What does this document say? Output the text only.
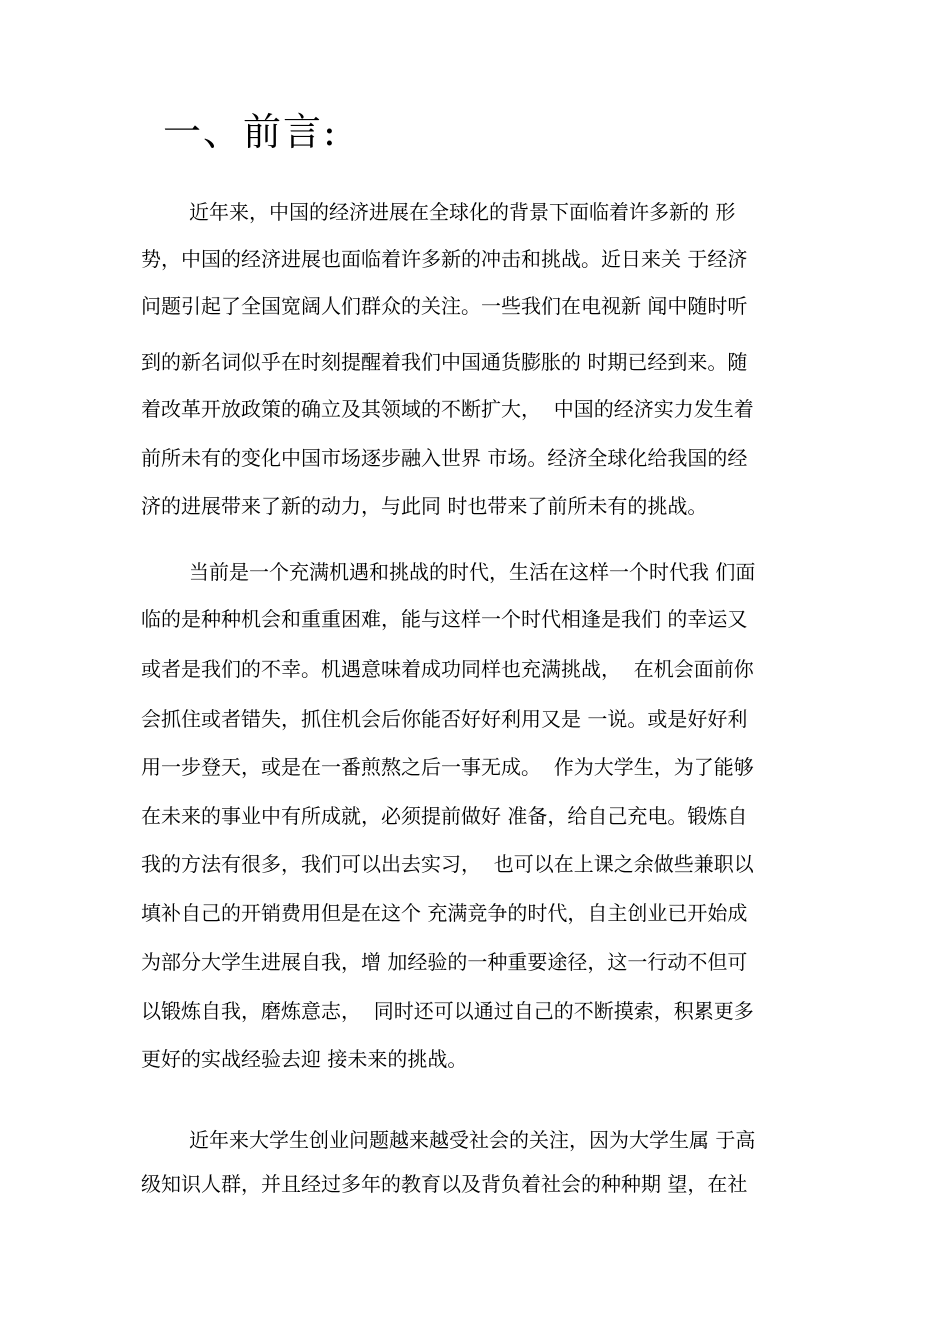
一、前言:
近年来，中国的经济进展在全球化的背景下面临着许多新的 形
势，中国的经济进展也面临着许多新的冲击和挑战。近日来关 于经济
问题引起了全国宽阔人们群众的关注。一些我们在电视新 闻中随时听
到的新名词似乎在时刻提醒着我们中国通货膨胀的 时期已经到来。随
着改革开放政策的确立及其领域的不断扩大，  中国的经济实力发生着
前所未有的变化中国市场逐步融入世界 市场。经济全球化给我国的经
济的进展带来了新的动力，与此同 时也带来了前所未有的挑战。
当前是一个充满机遇和挑战的时代，生活在这样一个时代我 们面
临的是种种机会和重重困难，能与这样一个时代相逢是我们 的幸运又
或者是我们的不幸。机遇意味着成功同样也充满挑战，  在机会面前你
会抓住或者错失，抓住机会后你能否好好利用又是 一说。或是好好利
用一步登天，或是在一番煎熬之后一事无成。  作为大学生，为了能够
在未来的事业中有所成就，必须提前做好 准备，给自己充电。锻炼自
我的方法有很多，我们可以出去实习，  也可以在上课之余做些兼职以
填补自己的开销费用但是在这个 充满竞争的时代，自主创业已开始成
为部分大学生进展自我，增 加经验的一种重要途径，这一行动不但可
以锻炼自我，磨炼意志，  同时还可以通过自己的不断摸索，积累更多
更好的实战经验去迎 接未来的挑战。
近年来大学生创业问题越来越受社会的关注，因为大学生属 于高
级知识人群，并且经过多年的教育以及背负着社会的种种期 望，在社
